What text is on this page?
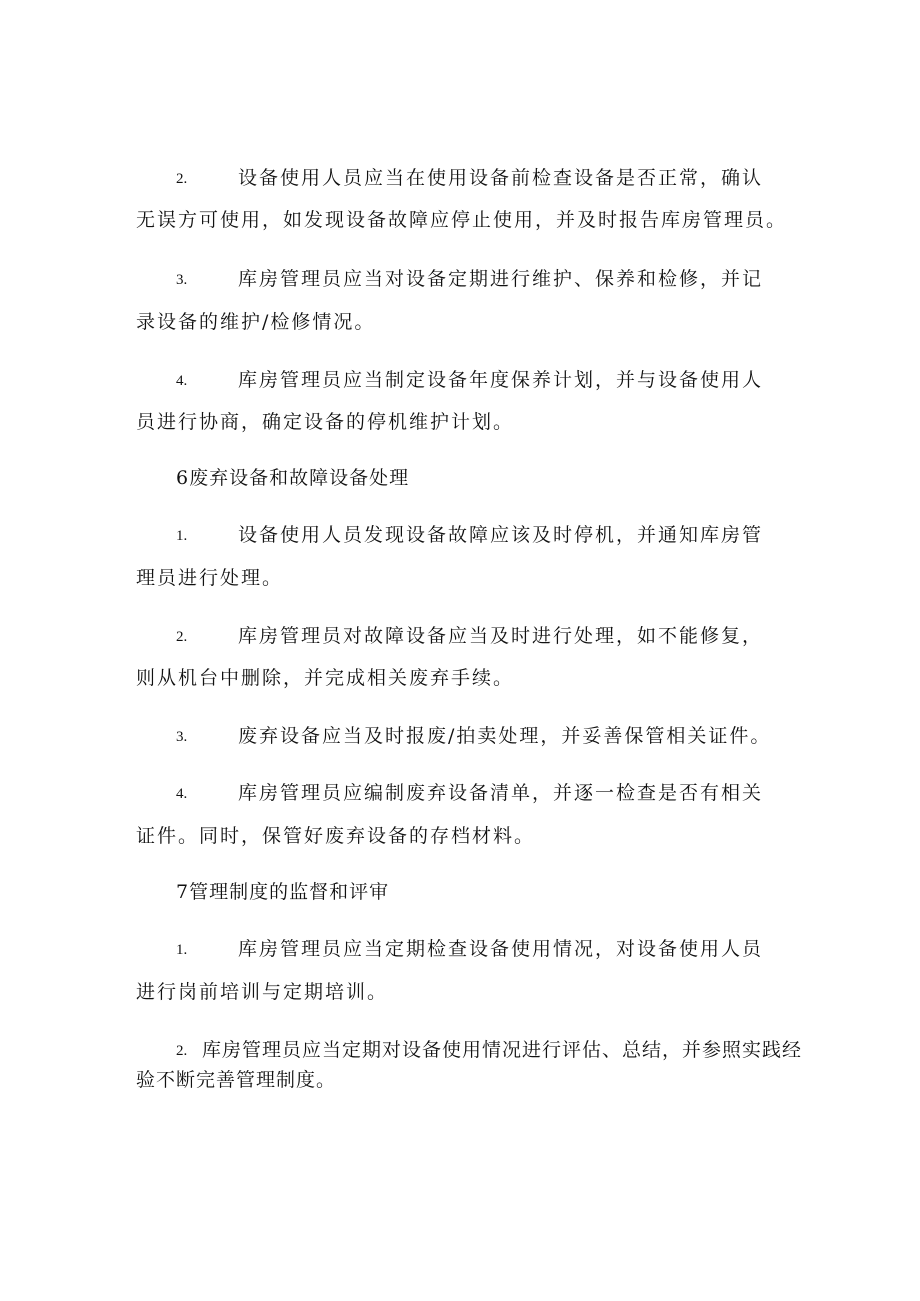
2.	设备使用人员应当在使用设备前检查设备是否正常，确认
无误方可使用，如发现设备故障应停止使用，并及时报告库房管理员。
3.	库房管理员应当对设备定期进行维护、保养和检修，并记
录设备的维护/检修情况。
4.	库房管理员应当制定设备年度保养计划，并与设备使用人
员进行协商，确定设备的停机维护计划。
6废弃设备和故障设备处理
1.	设备使用人员发现设备故障应该及时停机，并通知库房管
理员进行处理。
2.	库房管理员对故障设备应当及时进行处理，如不能修复，
则从机台中删除，并完成相关废弃手续。
3.	废弃设备应当及时报废/拍卖处理，并妥善保管相关证件。
4.	库房管理员应编制废弃设备清单，并逐一检查是否有相关
证件。同时，保管好废弃设备的存档材料。
7管理制度的监督和评审
1.	库房管理员应当定期检查设备使用情况，对设备使用人员
进行岗前培训与定期培训。
2. 库房管理员应当定期对设备使用情况进行评估、总结，并参照实践经
验不断完善管理制度。
